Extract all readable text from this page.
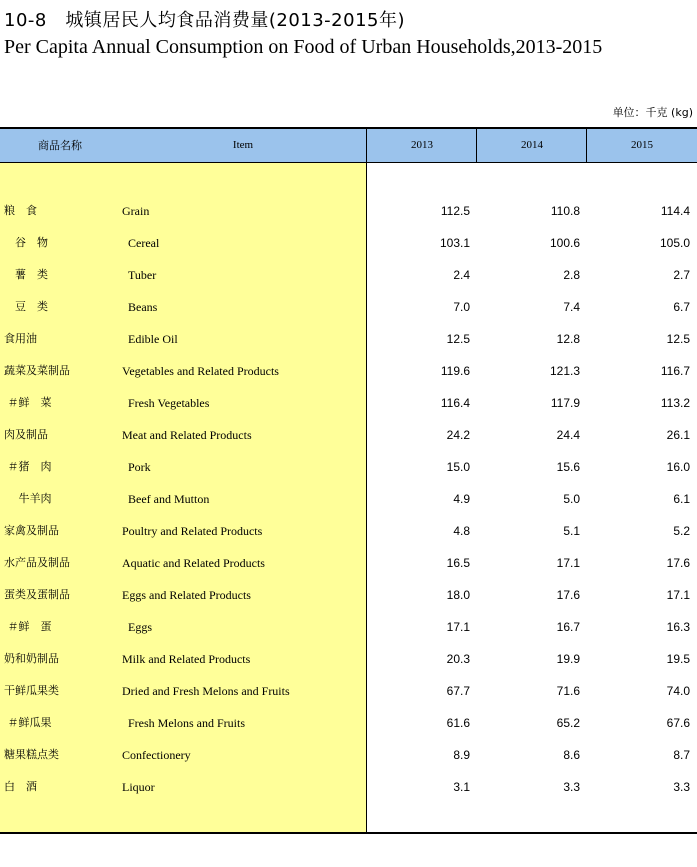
10-8　城镇居民人均食品消费量(2013-2015年)
Per Capita Annual Consumption on Food of Urban Households,2013-2015
单位：千克 (kg)
商品名称	Item	2013	2014	2015
粮　食	Grain	112.5	110.8	114.4
　谷　物	Cereal	103.1	100.6	105.0
　薯　类	Tuber	2.4	2.8	2.7
　豆　类	Beans	7.0	7.4	6.7
食用油	Edible Oil	12.5	12.8	12.5
蔬菜及菜制品	Vegetables and Related Products	119.6	121.3	116.7
＃鲜　菜	Fresh Vegetables	116.4	117.9	113.2
肉及制品	Meat and Related Products	24.2	24.4	26.1
＃猪　肉	Pork	15.0	15.6	16.0
　 牛羊肉	Beef and Mutton	4.9	5.0	6.1
家禽及制品	Poultry and Related Products	4.8	5.1	5.2
水产品及制品	Aquatic and Related Products	16.5	17.1	17.6
蛋类及蛋制品	Eggs and Related Products	18.0	17.6	17.1
＃鲜　蛋	Eggs	17.1	16.7	16.3
奶和奶制品	Milk and Related Products	20.3	19.9	19.5
干鲜瓜果类	Dried and Fresh Melons and Fruits	67.7	71.6	74.0
＃鲜瓜果	Fresh Melons and Fruits	61.6	65.2	67.6
糖果糕点类	Confectionery	8.9	8.6	8.7
白　酒	Liquor	3.1	3.3	3.3
